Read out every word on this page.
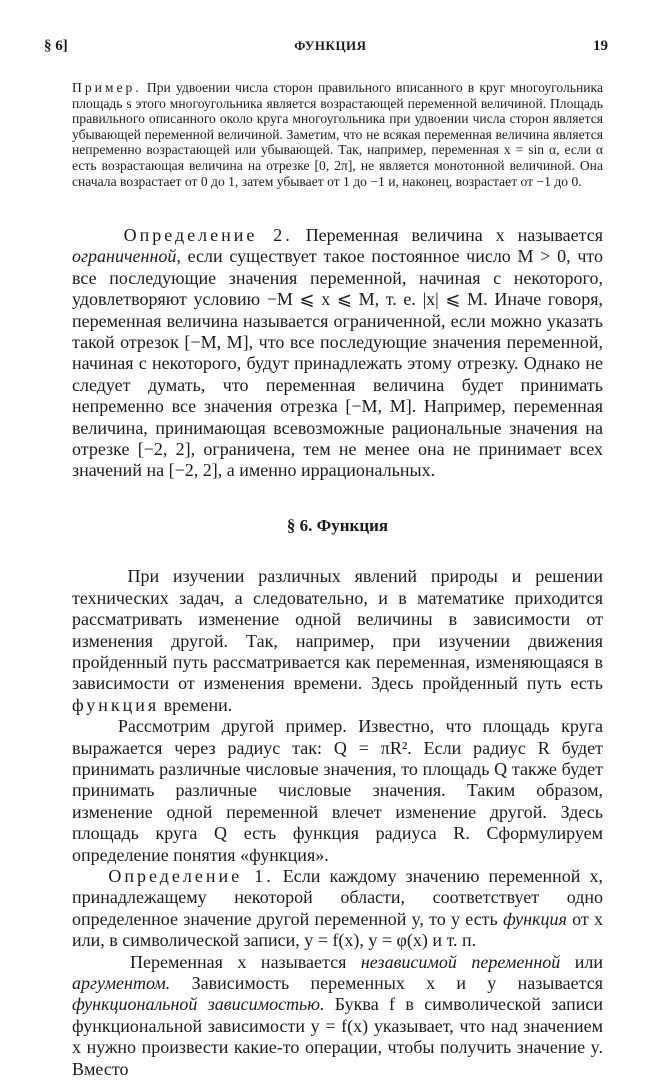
§ 6]	ФУНКЦИЯ	19

Пример. При удвоении числа сторон правильного вписанного в круг многоугольника площадь s этого многоугольника является возрастающей переменной величиной. Площадь правильного описанного около круга многоугольника при удвоении числа сторон является убывающей переменной величиной. Заметим, что не всякая переменная величина является непременно возрастающей или убывающей. Так, например, переменная x = sin α, если α есть возрастающая величина на отрезке [0, 2π], не является монотонной величиной. Она сначала возрастает от 0 до 1, затем убывает от 1 до −1 и, наконец, возрастает от −1 до 0.

Определение 2. Переменная величина x называется ограниченной, если существует такое постоянное число M > 0, что все последующие значения переменной, начиная с некоторого, удовлетворяют условию −M ⩽ x ⩽ M, т. е. |x| ⩽ M. Иначе говоря, переменная величина называется ограниченной, если можно указать такой отрезок [−M, M], что все последующие значения переменной, начиная с некоторого, будут принадлежать этому отрезку. Однако не следует думать, что переменная величина будет принимать непременно все значения отрезка [−M, M]. Например, переменная величина, принимающая всевозможные рациональные значения на отрезке [−2, 2], ограничена, тем не менее она не принимает всех значений на [−2, 2], а именно иррациональных.

§ 6. Функция

При изучении различных явлений природы и решении технических задач, а следовательно, и в математике приходится рассматривать изменение одной величины в зависимости от изменения другой. Так, например, при изучении движения пройденный путь рассматривается как переменная, изменяющаяся в зависимости от изменения времени. Здесь пройденный путь есть функция времени.

Рассмотрим другой пример. Известно, что площадь круга выражается через радиус так: Q = πR². Если радиус R будет принимать различные числовые значения, то площадь Q также будет принимать различные числовые значения. Таким образом, изменение одной переменной влечет изменение другой. Здесь площадь круга Q есть функция радиуса R. Сформулируем определение понятия «функция».

Определение 1. Если каждому значению переменной x, принадлежащему некоторой области, соответствует одно определенное значение другой переменной y, то y есть функция от x или, в символической записи, y = f(x), y = φ(x) и т. п.

Переменная x называется независимой переменной или аргументом. Зависимость переменных x и y называется функциональной зависимостью. Буква f в символической записи функциональной зависимости y = f(x) указывает, что над значением x нужно произвести какие-то операции, чтобы получить значение y. Вместо
